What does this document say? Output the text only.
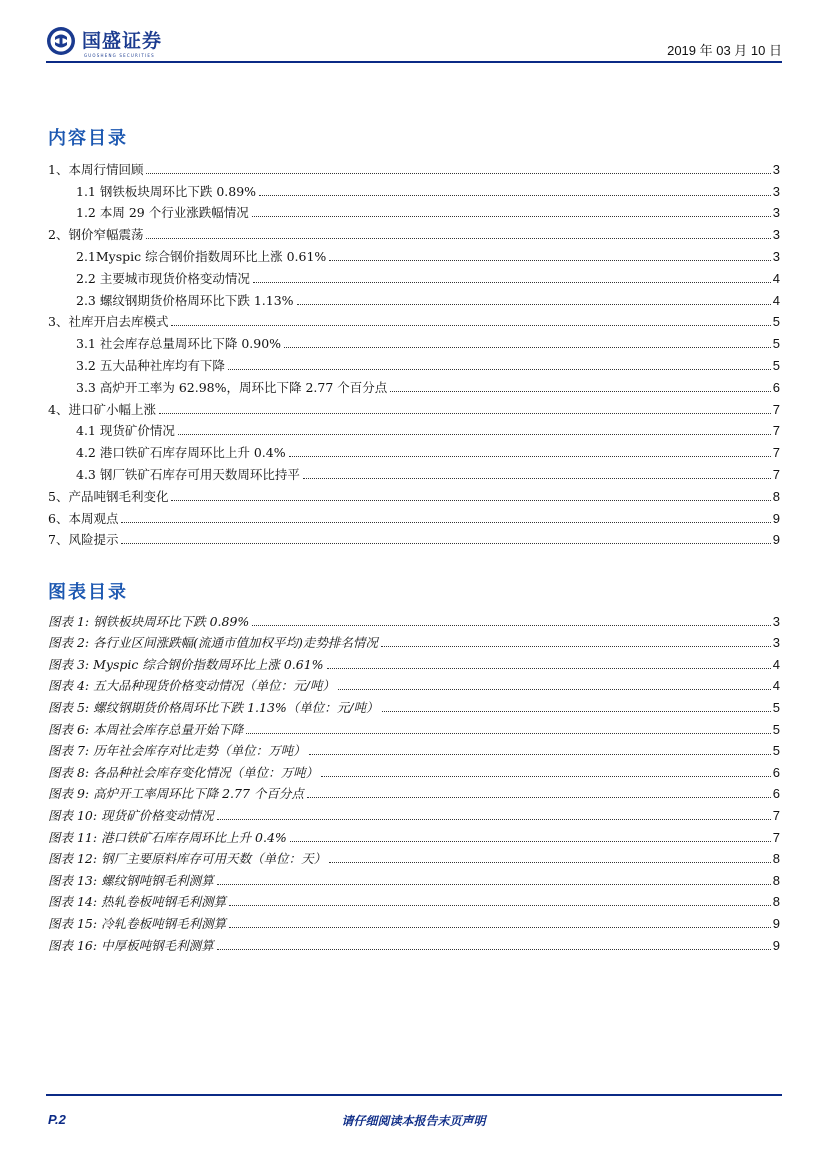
国盛证券
GUOSHENG SECURITIES	2019 年 03 月 10 日
内容目录
1、本周行情回顾	3
1.1 钢铁板块周环比下跌 0.89%	3
1.2 本周 29 个行业涨跌幅情况	3
2、钢价窄幅震荡	3
2.1Myspic 综合钢价指数周环比上涨 0.61%	3
2.2 主要城市现货价格变动情况	4
2.3 螺纹钢期货价格周环比下跌 1.13%	4
3、社库开启去库模式	5
3.1 社会库存总量周环比下降 0.90%	5
3.2 五大品种社库均有下降	5
3.3 高炉开工率为 62.98%，周环比下降 2.77 个百分点	6
4、进口矿小幅上涨	7
4.1 现货矿价情况	7
4.2 港口铁矿石库存周环比上升 0.4%	7
4.3 钢厂铁矿石库存可用天数周环比持平	7
5、产品吨钢毛利变化	8
6、本周观点	9
7、风险提示	9
图表目录
图表 1: 钢铁板块周环比下跌 0.89%	3
图表 2: 各行业区间涨跌幅(流通市值加权平均)走势排名情况	3
图表 3: Myspic 综合钢价指数周环比上涨 0.61%	4
图表 4: 五大品种现货价格变动情况（单位：元/吨）	4
图表 5: 螺纹钢期货价格周环比下跌 1.13%（单位：元/吨）	5
图表 6: 本周社会库存总量开始下降	5
图表 7: 历年社会库存对比走势（单位：万吨）	5
图表 8: 各品种社会库存变化情况（单位：万吨）	6
图表 9: 高炉开工率周环比下降 2.77 个百分点	6
图表 10: 现货矿价格变动情况	7
图表 11: 港口铁矿石库存周环比上升 0.4%	7
图表 12: 钢厂主要原料库存可用天数（单位：天）	8
图表 13: 螺纹钢吨钢毛利测算	8
图表 14: 热轧卷板吨钢毛利测算	8
图表 15: 冷轧卷板吨钢毛利测算	9
图表 16: 中厚板吨钢毛利测算	9
请仔细阅读本报告末页声明
P.2
